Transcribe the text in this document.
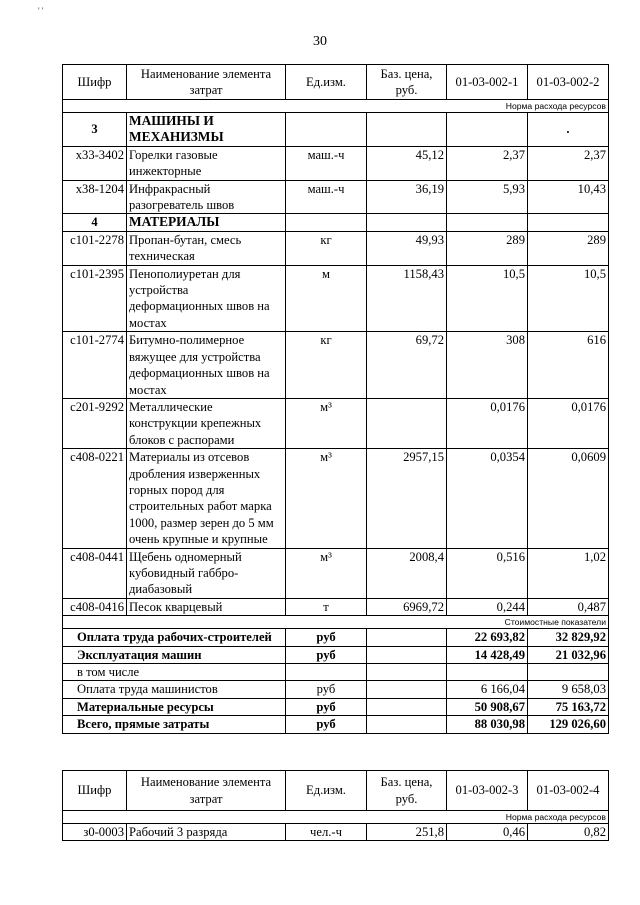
' '
30
Шифр	Наименование элемента затрат	Ед.изм.	Баз. цена, руб.	01-03-002-1	01-03-002-2
Норма расхода ресурсов					
3	МАШИНЫ И МЕХАНИЗМЫ				.
х33-3402	Горелки газовые инжекторные	маш.-ч	45,12	2,37	2,37
х38-1204	Инфракрасный разогреватель швов	маш.-ч	36,19	5,93	10,43
4	МАТЕРИАЛЫ				
с101-2278	Пропан-бутан, смесь техническая	кг	49,93	289	289
с101-2395	Пенополиуретан для устройства деформационных швов на мостах	м	1158,43	10,5	10,5
с101-2774	Битумно-полимерное вяжущее для устройства деформационных швов на мостах	кг	69,72	308	616
с201-9292	Металлические конструкции крепежных блоков с распорами	м³		0,0176	0,0176
с408-0221	Материалы из отсевов дробления изверженных горных пород для строительных работ марка 1000, размер зерен до 5 мм очень крупные и крупные	м³	2957,15	0,0354	0,0609
с408-0441	Щебень одномерный кубовидный габбро-диабазовый	м³	2008,4	0,516	1,02
с408-0416	Песок кварцевый	т	6969,72	0,244	0,487
Стоимостные показатели					
Оплата труда рабочих-строителей		руб		22 693,82	32 829,92
Эксплуатация машин		руб		14 428,49	21 032,96
в том числе					
Оплата труда машинистов		руб		6 166,04	9 658,03
Материальные ресурсы		руб		50 908,67	75 163,72
Всего, прямые затраты		руб		88 030,98	129 026,60
Шифр	Наименование элемента затрат	Ед.изм.	Баз. цена, руб.	01-03-002-3	01-03-002-4
Норма расхода ресурсов					
з0-0003	Рабочий 3 разряда	чел.-ч	251,8	0,46	0,82
